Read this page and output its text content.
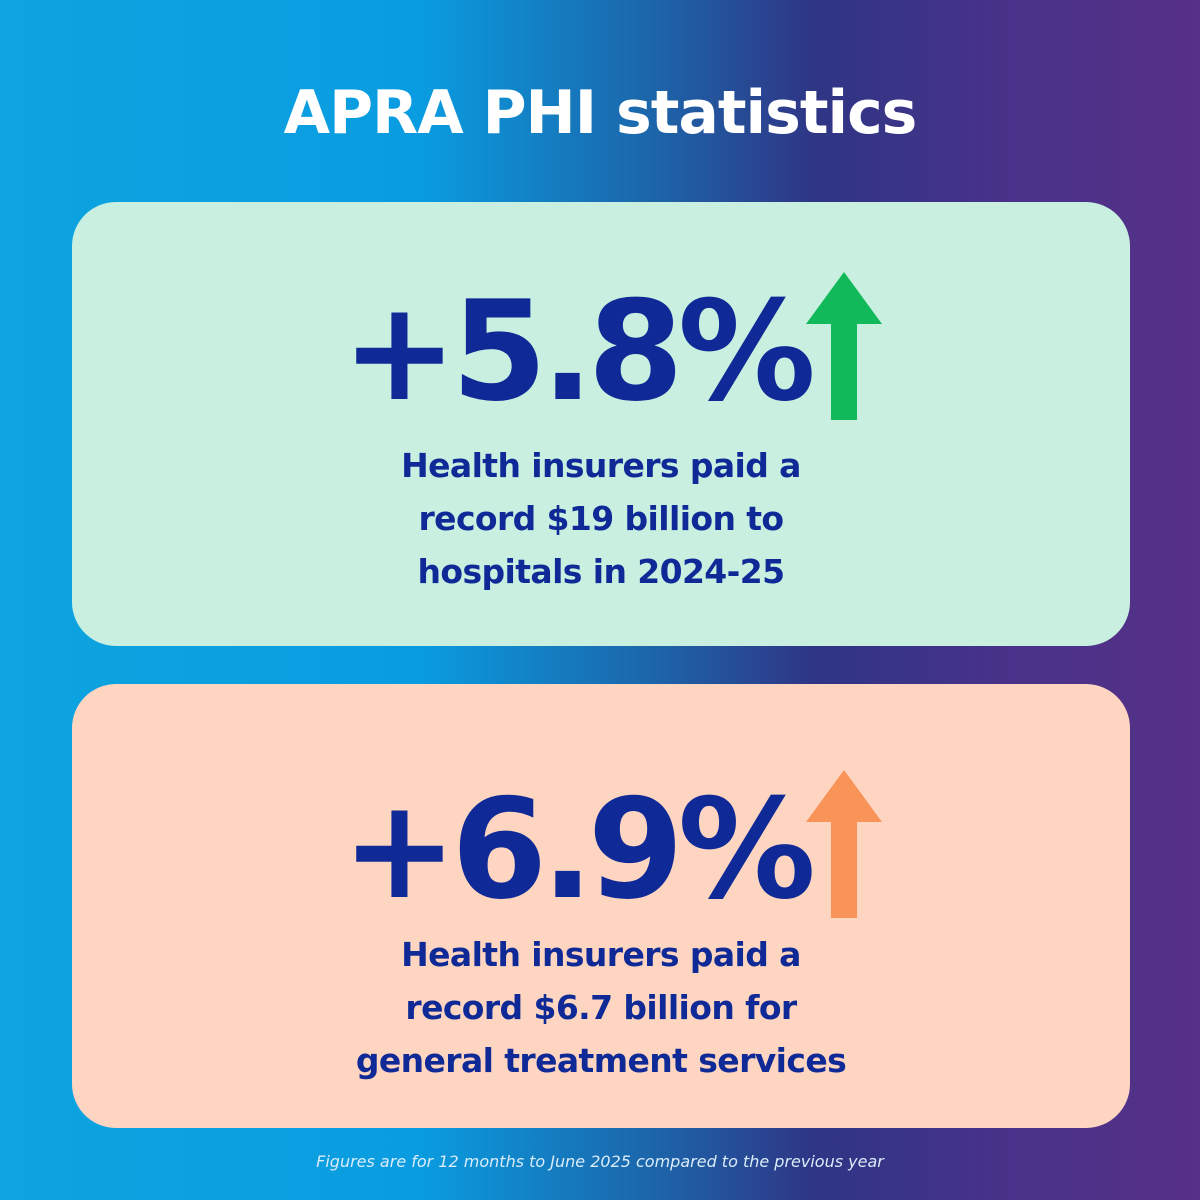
APRA PHI statistics
+5.8%
Health insurers paid a
record $19 billion to
hospitals in 2024-25
+6.9%
Health insurers paid a
record $6.7 billion for
general treatment services

Figures are for 12 months to June 2025 compared to the previous year
